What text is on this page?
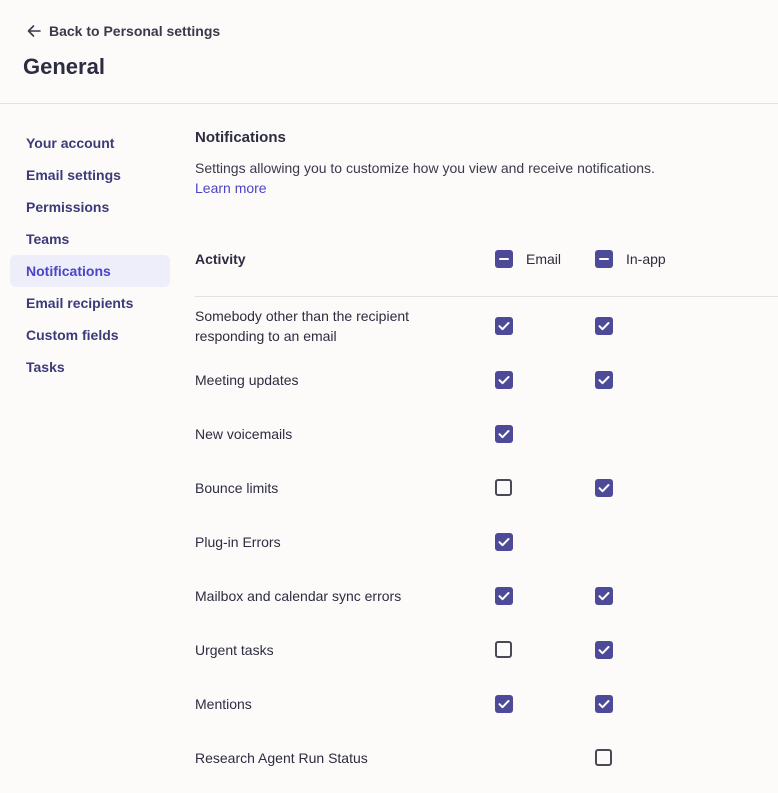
Back to Personal settings
General
Your account
Email settings
Permissions
Teams
Notifications
Email recipients
Custom fields
Tasks
Notifications
Settings allowing you to customize how you view and receive notifications.
Learn more
Activity	Email	In-app
Somebody other than the recipient responding to an email
Meeting updates
New voicemails
Bounce limits
Plug-in Errors
Mailbox and calendar sync errors
Urgent tasks
Mentions
Research Agent Run Status
